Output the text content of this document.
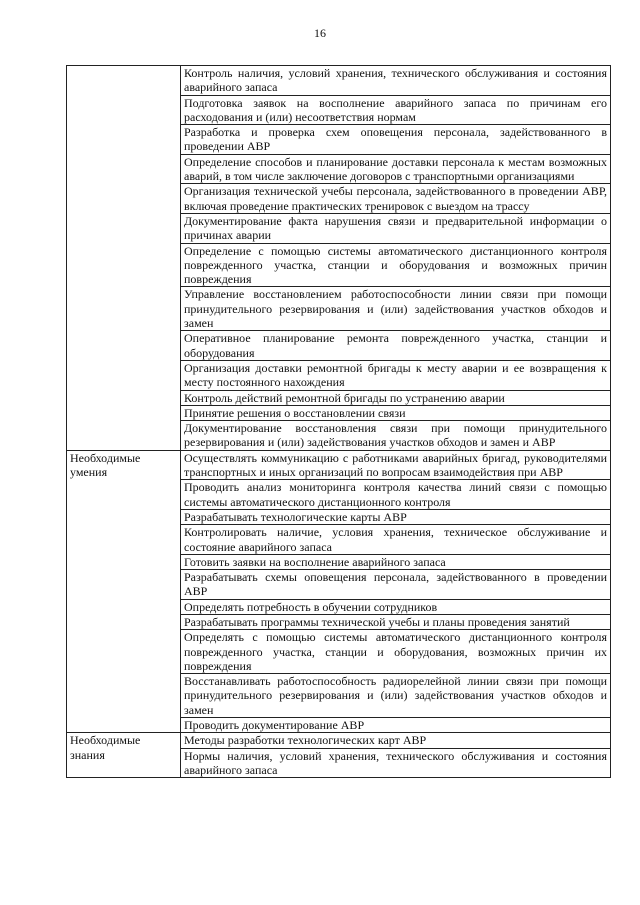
16
	Контроль наличия, условий хранения, технического обслуживания и состояния аварийного запаса
	Подготовка заявок на восполнение аварийного запаса по причинам его расходования и (или) несоответствия нормам
	Разработка и проверка схем оповещения персонала, задействованного в проведении АВР
	Определение способов и планирование доставки персонала к местам возможных аварий, в том числе заключение договоров с транспортными организациями
	Организация технической учебы персонала, задействованного в проведении АВР, включая проведение практических тренировок с выездом на трассу
	Документирование факта нарушения связи и предварительной информации о причинах аварии
	Определение с помощью системы автоматического дистанционного контроля поврежденного участка, станции и оборудования и возможных причин повреждения
	Управление восстановлением работоспособности линии связи при помощи принудительного резервирования и (или) задействования участков обходов и замен
	Оперативное планирование ремонта поврежденного участка, станции и оборудования
	Организация доставки ремонтной бригады к месту аварии и ее возвращения к месту постоянного нахождения
	Контроль действий ремонтной бригады по устранению аварии
	Принятие решения о восстановлении связи
	Документирование восстановления связи при помощи принудительного резервирования и (или) задействования участков обходов и замен и АВР
Необходимые умения	Осуществлять коммуникацию с работниками аварийных бригад, руководителями транспортных и иных организаций по вопросам взаимодействия при АВР
	Проводить анализ мониторинга контроля качества линий связи с помощью системы автоматического дистанционного контроля
	Разрабатывать технологические карты АВР
	Контролировать наличие, условия хранения, техническое обслуживание и состояние аварийного запаса
	Готовить заявки на восполнение аварийного запаса
	Разрабатывать схемы оповещения персонала, задействованного в проведении АВР
	Определять потребность в обучении сотрудников
	Разрабатывать программы технической учебы и планы проведения занятий
	Определять с помощью системы автоматического дистанционного контроля поврежденного участка, станции и оборудования, возможных причин их повреждения
	Восстанавливать работоспособность радиорелейной линии связи при помощи принудительного резервирования и (или) задействования участков обходов и замен
	Проводить документирование АВР
Необходимые знания	Методы разработки технологических карт АВР
	Нормы наличия, условий хранения, технического обслуживания и состояния аварийного запаса
